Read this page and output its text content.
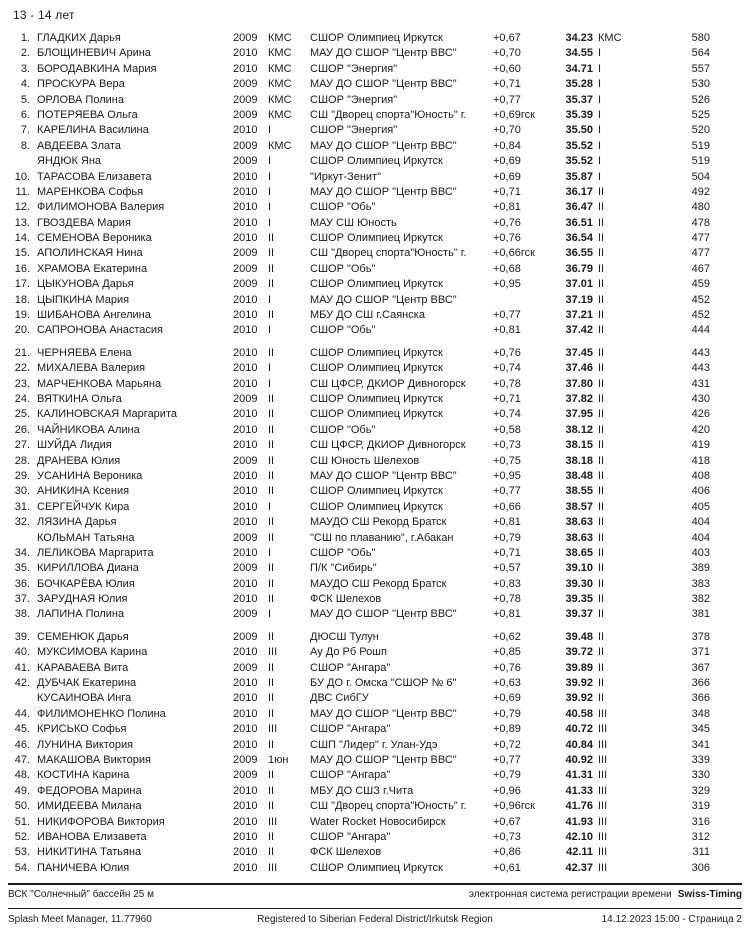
13 - 14 лет
1. ГЛАДКИХ Дарья	2009 КМС	СШОР Олимпиец Иркутск	+0,67	34.23 КМС	580
2. БЛОЩИНЕВИЧ Арина	2010 КМС	МАУ ДО СШОР "Центр ВВС"	+0,70	34.55 I	564
3. БОРОДАВКИНА Мария	2010 КМС	СШОР "Энергия"	+0,60	34.71 I	557
4. ПРОСКУРА Вера	2009 КМС	МАУ ДО СШОР "Центр ВВС"	+0,71	35.28 I	530
5. ОРЛОВА Полина	2009 КМС	СШОР "Энергия"	+0,77	35.37 I	526
6. ПОТЕРЯЕВА Ольга	2009 КМС	СШ "Дворец спорта"Юность" г.	+0,69гск	35.39 I	525
7. КАРЕЛИНА Василина	2010 I	СШОР "Энергия"	+0,70	35.50 I	520
8. АВДЕЕВА Злата	2009 КМС	МАУ ДО СШОР "Центр ВВС"	+0,84	35.52 I	519
ЯНДЮК Яна	2009 I	СШОР Олимпиец Иркутск	+0,69	35.52 I	519
10. ТАРАСОВА Елизавета	2010 I	"Иркут-Зенит"	+0,69	35.87 I	504
11. МАРЕНКОВА Софья	2010 I	МАУ ДО СШОР "Центр ВВС"	+0,71	36.17 II	492
12. ФИЛИМОНОВА Валерия	2010 I	СШОР "Обь"	+0,81	36.47 II	480
13. ГВОЗДЕВА Мария	2010 I	МАУ СШ Юность	+0,76	36.51 II	478
14. СЕМЕНОВА Вероника	2010 II	СШОР Олимпиец Иркутск	+0,76	36.54 II	477
15. АПОЛИНСКАЯ Нина	2009 II	СШ "Дворец спорта"Юность" г.	+0,66гск	36.55 II	477
16. ХРАМОВА Екатерина	2009 II	СШОР "Обь"	+0,68	36.79 II	467
17. ЦЫКУНОВА Дарья	2009 II	СШОР Олимпиец Иркутск	+0,95	37.01 II	459
18. ЦЫПКИНА Мария	2010 I	МАУ ДО СШОР "Центр ВВС"	37.19 II	452
19. ШИБАНОВА Ангелина	2010 II	МБУ ДО СШ г.Саянска	+0,77	37.21 II	452
20. САПРОНОВА Анастасия	2010 I	СШОР "Обь"	+0,81	37.42 II	444
21. ЧЕРНЯЕВА Елена	2010 II	СШОР Олимпиец Иркутск	+0,76	37.45 II	443
22. МИХАЛЕВА Валерия	2010 I	СШОР Олимпиец Иркутск	+0,74	37.46 II	443
23. МАРЧЕНКОВА Марьяна	2010 I	СШ ЦФСР, ДКИОР Дивногорск	+0,78	37.80 II	431
24. ВЯТКИНА Ольга	2009 II	СШОР Олимпиец Иркутск	+0,71	37.82 II	430
25. КАЛИНОВСКАЯ Маргарита	2010 II	СШОР Олимпиец Иркутск	+0,74	37.95 II	426
26. ЧАЙНИКОВА Алина	2010 II	СШОР "Обь"	+0,58	38.12 II	420
27. ШУЙДА Лидия	2010 II	СШ ЦФСР, ДКИОР Дивногорск	+0,73	38.15 II	419
28. ДРАНЕВА Юлия	2009 II	СШ Юность Шелехов	+0,75	38.18 II	418
29. УСАНИНА Вероника	2010 II	МАУ ДО СШОР "Центр ВВС"	+0,95	38.48 II	408
30. АНИКИНА Ксения	2010 II	СШОР Олимпиец Иркутск	+0,77	38.55 II	406
31. СЕРГЕЙЧУК Кира	2010 I	СШОР Олимпиец Иркутск	+0,66	38.57 II	405
32. ЛЯЗИНА Дарья	2010 II	МАУДО СШ Рекорд Братск	+0,81	38.63 II	404
КОЛЬМАН Татьяна	2009 II	"СШ по плаванию", г.Абакан	+0,79	38.63 II	404
34. ЛЕЛИКОВА Маргарита	2010 I	СШОР "Обь"	+0,71	38.65 II	403
35. КИРИЛЛОВА Диана	2009 II	П/К "Сибирь"	+0,57	39.10 II	389
36. БОЧКАРЁВА Юлия	2010 II	МАУДО СШ Рекорд Братск	+0,83	39.30 II	383
37. ЗАРУДНАЯ Юлия	2010 II	ФСК Шелехов	+0,78	39.35 II	382
38. ЛАПИНА Полина	2009 I	МАУ ДО СШОР "Центр ВВС"	+0,81	39.37 II	381
39. СЕМЕНЮК Дарья	2009 II	ДЮСШ Тулун	+0,62	39.48 II	378
40. МУКСИМОВА Карина	2010 III	Ау До Рб Рошп	+0,85	39.72 II	371
41. КАРАВАЕВА Вита	2009 II	СШОР "Ангара"	+0,76	39.89 II	367
42. ДУБЧАК Екатерина	2010 II	БУ ДО г. Омска "СШОР № 6"	+0,63	39.92 II	366
КУСАИНОВА Инга	2010 II	ДВС СибГУ	+0,69	39.92 II	366
44. ФИЛИМОНЕНКО Полина	2010 II	МАУ ДО СШОР "Центр ВВС"	+0,79	40.58 III	348
45. КРИСЬКО Софья	2010 III	СШОР "Ангара"	+0,89	40.72 III	345
46. ЛУНИНА Виктория	2010 II	СШП "Лидер" г. Улан-Удэ	+0,72	40.84 III	341
47. МАКАШОВА Виктория	2009 1юн	МАУ ДО СШОР "Центр ВВС"	+0,77	40.92 III	339
48. КОСТИНА Карина	2009 II	СШОР "Ангара"	+0,79	41.31 III	330
49. ФЕДОРОВА Марина	2010 II	МБУ ДО СШЗ г.Чита	+0,96	41.33 III	329
50. ИМИДЕЕВА Милана	2010 II	СШ "Дворец спорта"Юность" г.	+0,96гск	41.76 III	319
51. НИКИФОРОВА Виктория	2010 III	Water Rocket Новосибирск	+0,67	41.93 III	316
52. ИВАНОВА Елизавета	2010 II	СШОР "Ангара"	+0,73	42.10 III	312
53. НИКИТИНА Татьяна	2010 II	ФСК Шелехов	+0,86	42.11 III	311
54. ПАНИЧЕВА Юлия	2010 III	СШОР Олимпиец Иркутск	+0,61	42.37 III	306
ВСК "Солнечный" бассейн 25 м	электронная система регистрации времени Swiss-Timing
Splash Meet Manager, 11.77960	Registered to Siberian Federal District/Irkutsk Region	14.12.2023 15:00 - Страница 2
